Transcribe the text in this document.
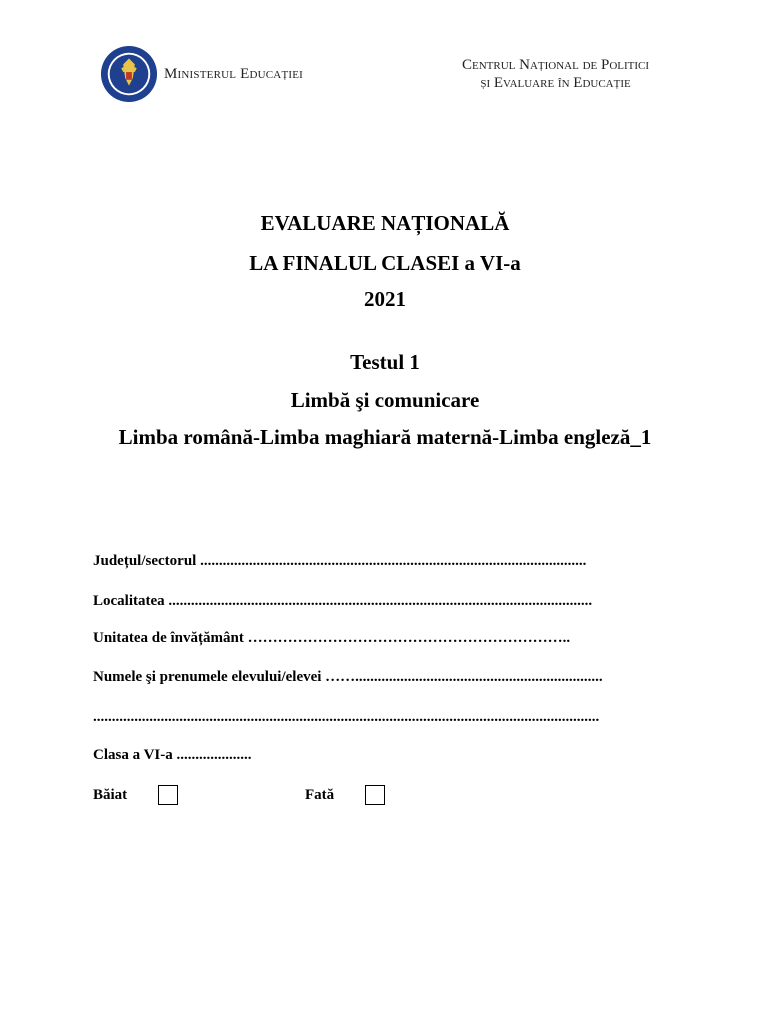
Ministerul Educației
Centrul Național de Politici
și Evaluare în Educație
EVALUARE NAȚIONALĂ
LA FINALUL CLASEI a VI-a
2021
Testul 1
Limbă şi comunicare
Limba română-Limba maghiară maternă-Limba engleză_1
Județul/sectorul .......................................................................................................
Localitatea .................................................................................................................
Unitatea de învățământ ………………………………………………………..
Numele şi prenumele elevului/elevei ……..................................................................
.......................................................................................................................................
Clasa a VI-a ....................
Băiat	Fată
